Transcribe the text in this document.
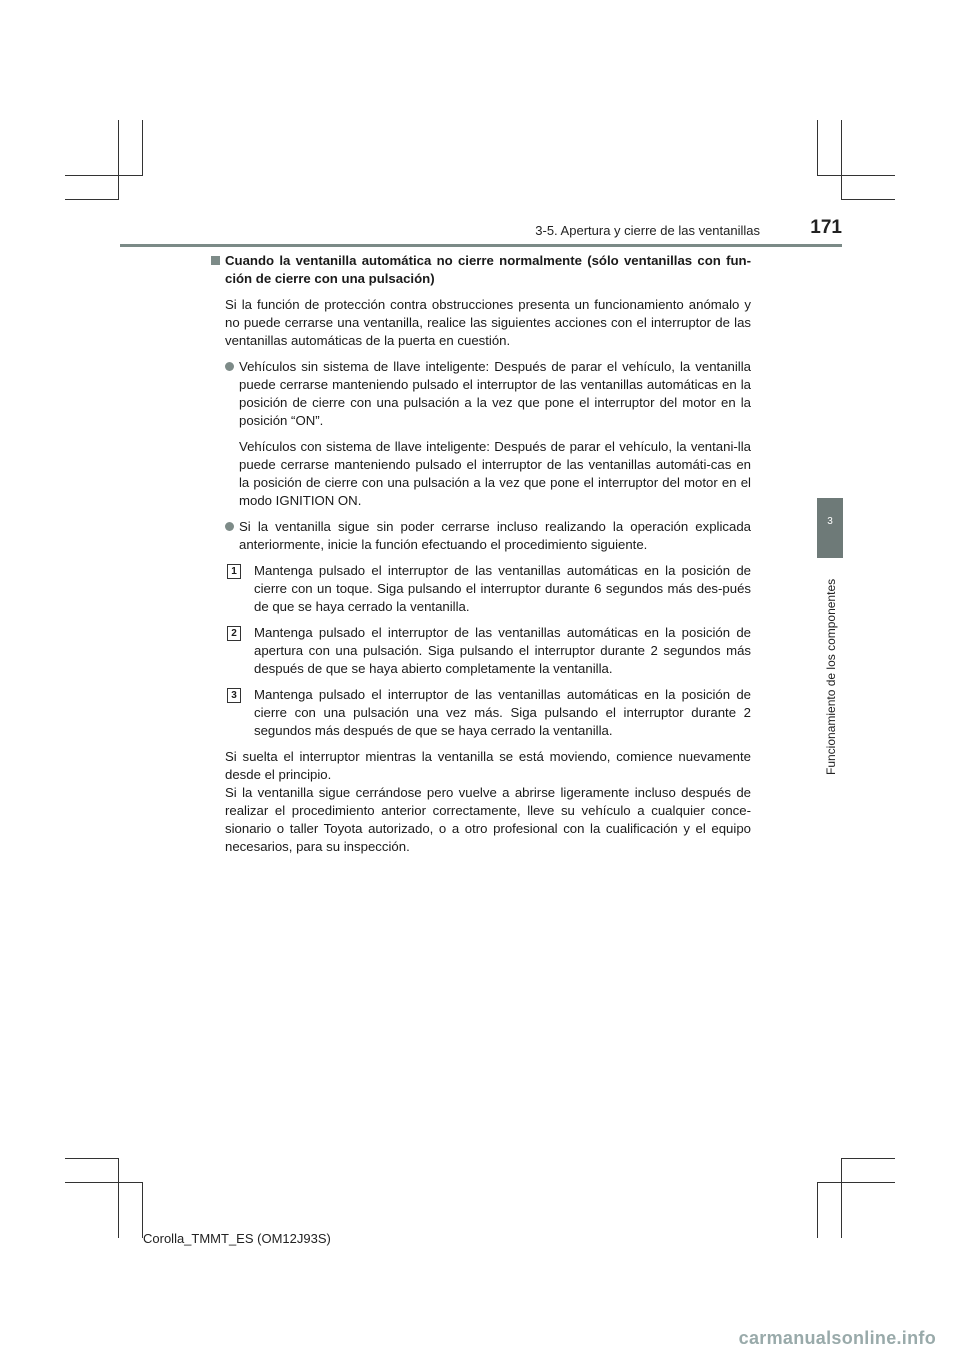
3-5. Apertura y cierre de las ventanillas	171
3
Funcionamiento de los componentes

Cuando la ventanilla automática no cierre normalmente (sólo ventanillas con fun-ción de cierre con una pulsación)

Si la función de protección contra obstrucciones presenta un funcionamiento anómalo y no puede cerrarse una ventanilla, realice las siguientes acciones con el interruptor de las ventanillas automáticas de la puerta en cuestión.

Vehículos sin sistema de llave inteligente: Después de parar el vehículo, la ventanilla puede cerrarse manteniendo pulsado el interruptor de las ventanillas automáticas en la posición de cierre con una pulsación a la vez que pone el interruptor del motor en la posición “ON”.

Vehículos con sistema de llave inteligente: Después de parar el vehículo, la ventani-lla puede cerrarse manteniendo pulsado el interruptor de las ventanillas automáti-cas en la posición de cierre con una pulsación a la vez que pone el interruptor del motor en el modo IGNITION ON.

Si la ventanilla sigue sin poder cerrarse incluso realizando la operación explicada anteriormente, inicie la función efectuando el procedimiento siguiente.

1	Mantenga pulsado el interruptor de las ventanillas automáticas en la posición de cierre con un toque. Siga pulsando el interruptor durante 6 segundos más des-pués de que se haya cerrado la ventanilla.

2	Mantenga pulsado el interruptor de las ventanillas automáticas en la posición de apertura con una pulsación. Siga pulsando el interruptor durante 2 segundos más después de que se haya abierto completamente la ventanilla.

3	Mantenga pulsado el interruptor de las ventanillas automáticas en la posición de cierre con una pulsación una vez más. Siga pulsando el interruptor durante 2 segundos más después de que se haya cerrado la ventanilla.

Si suelta el interruptor mientras la ventanilla se está moviendo, comience nuevamente desde el principio.

Si la ventanilla sigue cerrándose pero vuelve a abrirse ligeramente incluso después de realizar el procedimiento anterior correctamente, lleve su vehículo a cualquier conce-sionario o taller Toyota autorizado, o a otro profesional con la cualificación y el equipo necesarios, para su inspección.

Corolla_TMMT_ES (OM12J93S)
carmanualsonline.info
